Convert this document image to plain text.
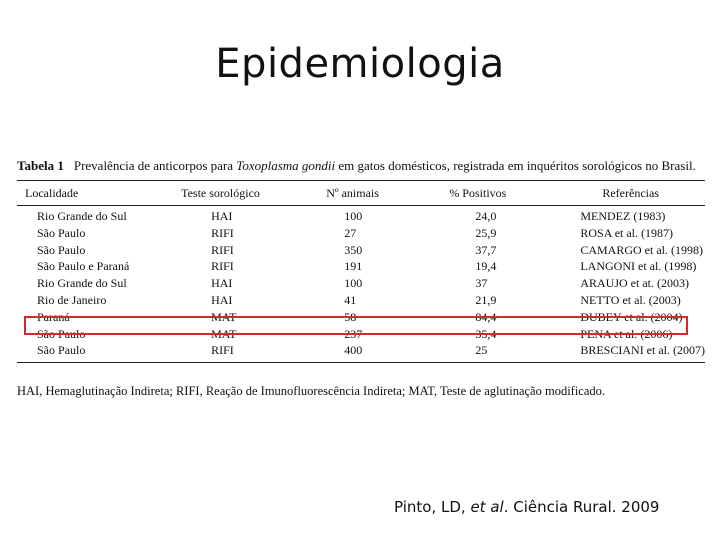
Epidemiologia
Tabela 1 Prevalência de anticorpos para Toxoplasma gondii em gatos domésticos, registrada em inquéritos sorológicos no Brasil.
Localidade	Teste sorológico	Nº animais	% Positivos	Referências

Rio Grande do Sul	HAI	100	24,0	MENDEZ (1983)
São Paulo	RIFI	27	25,9	ROSA et al. (1987)
São Paulo	RIFI	350	37,7	CAMARGO et al. (1998)
São Paulo e Paraná	RIFI	191	19,4	LANGONI et al. (1998)
Rio Grande do Sul	HAI	100	37	ARAUJO et at. (2003)
Rio de Janeiro	HAI	41	21,9	NETTO et al. (2003)
Paraná	MAT	58	84,4	DUBEY et al. (2004)
São Paulo	MAT	237	35,4	PENA et al. (2006)
São Paulo	RIFI	400	25	BRESCIANI et al. (2007)
HAI, Hemaglutinação Indireta; RIFI, Reação de Imunofluorescência Indireta; MAT, Teste de aglutinação modificado.
Pinto, LD, et al. Ciência Rural. 2009
